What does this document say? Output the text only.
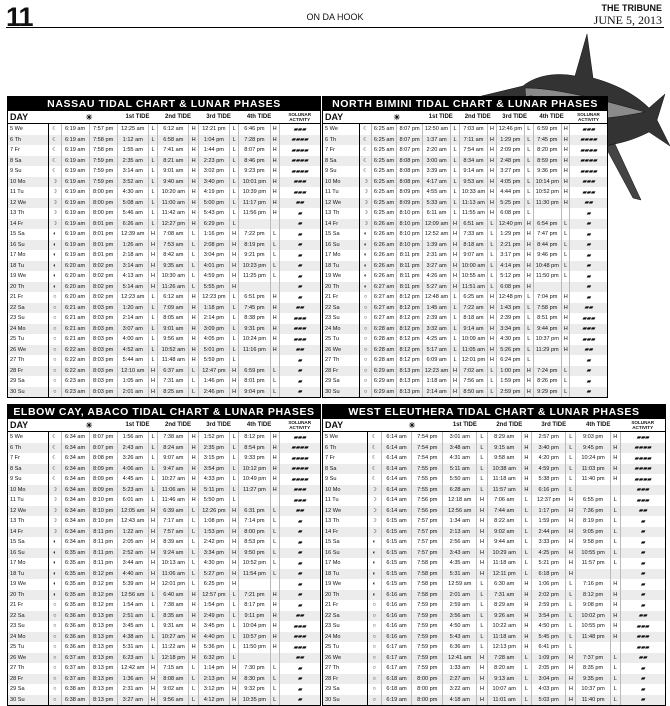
11	ON DA HOOK
THE TRIBUNE
JUNE 5, 2013
NASSAU TIDAL CHART & LUNAR PHASES
DAY		☀		1st TIDE		2nd TIDE		3rd TIDE		4th TIDE		SOLUNAR ACTIVITY
5 We	☾	6:19 am	7:57 pm	12:25 am	L	6:12 am	H	12:21 pm	L	6:46 pm	H	▰▰▰
6 Th	☾	6:19 am	7:58 pm	1:12 am	L	6:58 am	H	1:04 pm	L	7:28 pm	H	▰▰▰▰
7 Fr	☾	6:19 am	7:58 pm	1:55 am	L	7:41 am	H	1:44 pm	L	8:07 pm	H	▰▰▰▰
8 Sa	☾	6:19 am	7:59 pm	2:35 am	L	8:21 am	H	2:23 pm	L	8:46 pm	H	▰▰▰▰
9 Su	☾	6:19 am	7:59 pm	3:14 am	L	9:01 am	H	3:02 pm	L	9:23 pm	H	▰▰▰▰
10 Mo	☽	6:19 am	7:59 pm	3:52 am	L	9:40 am	H	3:40 pm	L	10:01 pm	H	▰▰▰
11 Tu	☽	6:19 am	8:00 pm	4:30 am	L	10:20 am	H	4:19 pm	L	10:39 pm	H	▰▰▰
12 We	☽	6:19 am	8:00 pm	5:08 am	L	11:00 am	H	5:00 pm	L	11:17 pm	H	▰▰
13 Th	☽	6:19 am	8:00 pm	5:46 am	L	11:42 am	H	5:43 pm	L	11:56 pm	H	▰
14 Fr	☽	6:19 am	8:01 pm	6:26 am	L	12:27 pm	H	6:29 pm	L			▰
15 Sa	◐	6:19 am	8:01 pm	12:39 am	H	7:08 am	L	1:16 pm	H	7:22 pm	L	▰
16 Su	◐	6:19 am	8:01 pm	1:26 am	H	7:53 am	L	2:08 pm	H	8:19 pm	L	▰
17 Mo	◐	6:19 am	8:01 pm	2:18 am	H	8:42 am	L	3:04 pm	H	9:21 pm	L	▰
18 Tu	◐	6:20 am	8:02 pm	3:14 am	H	9:35 am	L	4:01 pm	H	10:23 pm	L	▰
19 We	◐	6:20 am	8:02 pm	4:13 am	H	10:30 am	L	4:59 pm	H	11:25 pm	L	▰
20 Th	◐	6:20 am	8:02 pm	5:14 am	H	11:26 am	L	5:55 pm	H			▰
21 Fr	○	6:20 am	8:02 pm	12:23 am	L	6:12 am	H	12:23 pm	L	6:51 pm	H	▰
22 Sa	○	6:21 am	8:03 pm	1:20 am	L	7:09 am	H	1:18 pm	L	7:45 pm	H	▰▰
23 Su	○	6:21 am	8:03 pm	2:14 am	L	8:05 am	H	2:14 pm	L	8:38 pm	H	▰▰▰
24 Mo	○	6:21 am	8:03 pm	3:07 am	L	9:01 am	H	3:09 pm	L	9:31 pm	H	▰▰▰
25 Tu	○	6:21 am	8:03 pm	4:00 am	L	9:56 am	H	4:05 pm	L	10:24 pm	H	▰▰▰
26 We	○	6:22 am	8:03 pm	4:52 am	L	10:52 am	H	5:01 pm	L	11:16 pm	H	▰▰
27 Th	○	6:22 am	8:03 pm	5:44 am	L	11:48 am	H	5:59 pm	L			▰
28 Fr	○	6:22 am	8:03 pm	12:10 am	H	6:37 am	L	12:47 pm	H	6:59 pm	L	▰
29 Sa	○	6:23 am	8:03 pm	1:05 am	H	7:31 am	L	1:46 pm	H	8:01 pm	L	▰
30 Su	○	6:23 am	8:03 pm	2:01 am	H	8:25 am	L	2:46 pm	H	9:04 pm	L	▰
NORTH BIMINI TIDAL CHART & LUNAR PHASES
DAY		☀		1st TIDE		2nd TIDE		3rd TIDE		4th TIDE		SOLUNAR ACTIVITY
5 We	☾	6:25 am	8:07 pm	12:50 am	L	7:03 am	H	12:46 pm	L	6:59 pm	H	▰▰▰
6 Th	☾	6:25 am	8:07 pm	1:37 am	L	7:11 am	H	1:29 pm	L	7:45 pm	H	▰▰▰▰
7 Fr	☾	6:25 am	8:07 pm	2:20 am	L	7:54 am	H	2:09 pm	L	8:20 pm	H	▰▰▰▰
8 Sa	☾	6:25 am	8:08 pm	3:00 am	L	8:34 am	H	2:48 pm	L	8:59 pm	H	▰▰▰▰
9 Su	☾	6:25 am	8:08 pm	3:39 am	L	9:14 am	H	3:27 pm	L	9:36 pm	H	▰▰▰▰
10 Mo	☽	6:25 am	8:08 pm	4:17 am	L	9:53 am	H	4:05 pm	L	10:14 pm	H	▰▰▰
11 Tu	☽	6:25 am	8:09 pm	4:55 am	L	10:33 am	H	4:44 pm	L	10:52 pm	H	▰▰▰
12 We	☽	6:25 am	8:09 pm	5:33 am	L	11:13 am	H	5:25 pm	L	11:30 pm	H	▰▰
13 Th	☽	6:25 am	8:10 pm	6:11 am	L	11:55 am	H	6:08 pm	L			▰
14 Fr	☽	6:26 am	8:10 pm	12:09 am	H	6:51 am	L	12:40 pm	H	6:54 pm	L	▰
15 Sa	◐	6:26 am	8:10 pm	12:52 am	H	7:33 am	L	1:29 pm	H	7:47 pm	L	▰
16 Su	◐	6:26 am	8:10 pm	1:39 am	H	8:18 am	L	2:21 pm	H	8:44 pm	L	▰
17 Mo	◐	6:26 am	8:11 pm	2:31 am	H	9:07 am	L	3:17 pm	H	9:46 pm	L	▰
18 Tu	◐	6:26 am	8:11 pm	3:27 am	H	10:00 am	L	4:14 pm	H	10:48 pm	L	▰
19 We	◐	6:26 am	8:11 pm	4:26 am	H	10:55 am	L	5:12 pm	H	11:50 pm	L	▰
20 Th	◐	6:27 am	8:11 pm	5:27 am	H	11:51 am	L	6:08 pm	H			▰
21 Fr	○	6:27 am	8:12 pm	12:48 am	L	6:25 am	H	12:48 pm	L	7:04 pm	H	▰
22 Sa	○	6:27 am	8:12 pm	1:45 am	L	7:22 am	H	1:43 pm	L	7:58 pm	H	▰▰
23 Su	○	6:27 am	8:12 pm	2:39 am	L	8:18 am	H	2:39 pm	L	8:51 pm	H	▰▰▰
24 Mo	○	6:28 am	8:12 pm	3:32 am	L	9:14 am	H	3:34 pm	L	9:44 pm	H	▰▰▰
25 Tu	○	6:28 am	8:12 pm	4:25 am	L	10:09 am	H	4:30 pm	L	10:37 pm	H	▰▰▰
26 We	○	6:28 am	8:12 pm	5:17 am	L	11:05 am	H	5:26 pm	L	11:29 pm	H	▰▰
27 Th	○	6:28 am	8:12 pm	6:09 am	L	12:01 pm	H	6:24 pm	L			▰
28 Fr	○	6:29 am	8:13 pm	12:23 am	H	7:02 am	L	1:00 pm	H	7:24 pm	L	▰
29 Sa	○	6:29 am	8:13 pm	1:18 am	H	7:56 am	L	1:59 pm	H	8:26 pm	L	▰
30 Su	○	6:29 am	8:13 pm	2:14 am	H	8:50 am	L	2:59 pm	H	9:29 pm	L	▰
ELBOW CAY, ABACO TIDAL CHART & LUNAR PHASES
DAY		☀		1st TIDE		2nd TIDE		3rd TIDE		4th TIDE		SOLUNAR ACTIVITY
5 We	☾	6:34 am	8:07 pm	1:56 am	L	7:38 am	H	1:52 pm	L	8:12 pm	H	▰▰▰
6 Th	☾	6:34 am	8:07 pm	2:43 am	L	8:24 am	H	2:35 pm	L	8:54 pm	H	▰▰▰▰
7 Fr	☾	6:34 am	8:08 pm	3:26 am	L	9:07 am	H	3:15 pm	L	9:33 pm	H	▰▰▰▰
8 Sa	☾	6:34 am	8:09 pm	4:06 am	L	9:47 am	H	3:54 pm	L	10:12 pm	H	▰▰▰▰
9 Su	☾	6:34 am	8:09 pm	4:45 am	L	10:27 am	H	4:33 pm	L	10:49 pm	H	▰▰▰▰
10 Mo	☽	6:34 am	8:09 pm	5:23 am	L	11:06 am	H	5:11 pm	L	11:27 pm	H	▰▰▰
11 Tu	☽	6:34 am	8:10 pm	6:01 am	L	11:46 am	H	5:50 pm	L			▰▰▰
12 We	☽	6:34 am	8:10 pm	12:05 am	H	6:39 am	L	12:26 pm	H	6:31 pm	L	▰▰
13 Th	☽	6:34 am	8:10 pm	12:43 am	H	7:17 am	L	1:08 pm	H	7:14 pm	L	▰
14 Fr	☽	6:34 am	8:11 pm	1:22 am	H	7:57 am	L	1:53 pm	H	8:00 pm	L	▰
15 Sa	◐	6:34 am	8:11 pm	2:05 am	H	8:39 am	L	2:42 pm	H	8:53 pm	L	▰
16 Su	◐	6:35 am	8:11 pm	2:52 am	H	9:24 am	L	3:34 pm	H	9:50 pm	L	▰
17 Mo	◐	6:35 am	8:11 pm	3:44 am	H	10:13 am	L	4:30 pm	H	10:52 pm	L	▰
18 Tu	◐	6:35 am	8:12 pm	4:40 am	H	11:06 am	L	5:27 pm	H	11:54 pm	L	▰
19 We	◐	6:35 am	8:12 pm	5:39 am	H	12:01 pm	L	6:25 pm	H			▰
20 Th	◐	6:35 am	8:12 pm	12:56 am	L	6:40 am	H	12:57 pm	L	7:21 pm	H	▰
21 Fr	○	6:35 am	8:12 pm	1:54 am	L	7:38 am	H	1:54 pm	L	8:17 pm	H	▰
22 Sa	○	6:36 am	8:13 pm	2:51 am	L	8:35 am	H	2:49 pm	L	9:11 pm	H	▰▰
23 Su	○	6:36 am	8:13 pm	3:45 am	L	9:31 am	H	3:45 pm	L	10:04 pm	H	▰▰▰
24 Mo	○	6:36 am	8:13 pm	4:38 am	L	10:27 am	H	4:40 pm	L	10:57 pm	H	▰▰▰
25 Tu	○	6:36 am	8:13 pm	5:31 am	L	11:22 am	H	5:36 pm	L	11:50 pm	H	▰▰▰
26 We	○	6:37 am	8:13 pm	6:23 am	L	12:18 pm	H	6:32 pm	L			▰▰
27 Th	○	6:37 am	8:13 pm	12:42 am	H	7:15 am	L	1:14 pm	H	7:30 pm	L	▰
28 Fr	○	6:37 am	8:13 pm	1:36 am	H	8:08 am	L	2:13 pm	H	8:30 pm	L	▰
29 Sa	○	6:38 am	8:13 pm	2:31 am	H	9:02 am	L	3:12 pm	H	9:32 pm	L	▰
30 Su	○	6:38 am	8:13 pm	3:27 am	H	9:56 am	L	4:12 pm	H	10:35 pm	L	▰
WEST ELEUTHERA TIDAL CHART & LUNAR PHASES
DAY		☀		1st TIDE		2nd TIDE		3rd TIDE		4th TIDE		SOLUNAR ACTIVITY
5 We	☾	6:14 am	7:54 pm	3:01 am	L	8:29 am	H	2:57 pm	L	9:03 pm	H	▰▰▰
6 Th	☾	6:14 am	7:54 pm	3:48 am	L	9:15 am	H	3:40 pm	L	9:45 pm	H	▰▰▰▰
7 Fr	☾	6:14 am	7:54 pm	4:31 am	L	9:58 am	H	4:20 pm	L	10:24 pm	H	▰▰▰▰
8 Sa	☾	6:14 am	7:55 pm	5:11 am	L	10:38 am	H	4:59 pm	L	11:03 pm	H	▰▰▰▰
9 Su	☾	6:14 am	7:55 pm	5:50 am	L	11:18 am	H	5:38 pm	L	11:40 pm	H	▰▰▰▰
10 Mo	☽	6:14 am	7:55 pm	6:28 am	L	11:57 am	H	6:16 pm	L			▰▰▰
11 Tu	☽	6:14 am	7:56 pm	12:18 am	H	7:06 am	L	12:37 pm	H	6:55 pm	L	▰▰▰
12 We	☽	6:14 am	7:56 pm	12:56 am	H	7:44 am	L	1:17 pm	H	7:36 pm	L	▰▰
13 Th	☽	6:15 am	7:57 pm	1:34 am	H	8:22 am	L	1:59 pm	H	8:19 pm	L	▰
14 Fr	☽	6:15 am	7:57 pm	2:13 am	H	9:02 am	L	2:44 pm	H	9:05 pm	L	▰
15 Sa	◐	6:15 am	7:57 pm	2:56 am	H	9:44 am	L	3:33 pm	H	9:58 pm	L	▰
16 Su	◐	6:15 am	7:57 pm	3:43 am	H	10:29 am	L	4:25 pm	H	10:55 pm	L	▰
17 Mo	◐	6:15 am	7:58 pm	4:35 am	H	11:18 am	L	5:21 pm	H	11:57 pm	L	▰
18 Tu	◐	6:15 am	7:58 pm	5:31 am	H	12:11 pm	L	6:18 pm	H			▰
19 We	◐	6:15 am	7:58 pm	12:59 am	L	6:30 am	H	1:06 pm	L	7:16 pm	H	▰
20 Th	◐	6:16 am	7:58 pm	2:01 am	L	7:31 am	H	2:02 pm	L	8:12 pm	H	▰
21 Fr	○	6:16 am	7:59 pm	2:59 am	L	8:29 am	H	2:59 pm	L	9:08 pm	H	▰
22 Sa	○	6:16 am	7:59 pm	3:56 am	L	9:26 am	H	3:54 pm	L	10:02 pm	H	▰▰
23 Su	○	6:16 am	7:59 pm	4:50 am	L	10:22 am	H	4:50 pm	L	10:55 pm	H	▰▰▰
24 Mo	○	6:16 am	7:59 pm	5:43 am	L	11:18 am	H	5:45 pm	L	11:48 pm	H	▰▰▰
25 Tu	○	6:17 am	7:59 pm	6:36 am	L	12:13 pm	H	6:41 pm	L			▰▰▰
26 We	○	6:17 am	7:59 pm	12:41 am	H	7:28 am	L	1:09 pm	H	7:37 pm	L	▰▰
27 Th	○	6:17 am	7:59 pm	1:33 am	H	8:20 am	L	2:05 pm	H	8:35 pm	L	▰
28 Fr	○	6:18 am	8:00 pm	2:27 am	H	9:13 am	L	3:04 pm	H	9:35 pm	L	▰
29 Sa	○	6:18 am	8:00 pm	3:22 am	H	10:07 am	L	4:03 pm	H	10:37 pm	L	▰
30 Su	○	6:19 am	8:00 pm	4:18 am	H	11:01 am	L	5:03 pm	H	11:40 pm	L	▰
